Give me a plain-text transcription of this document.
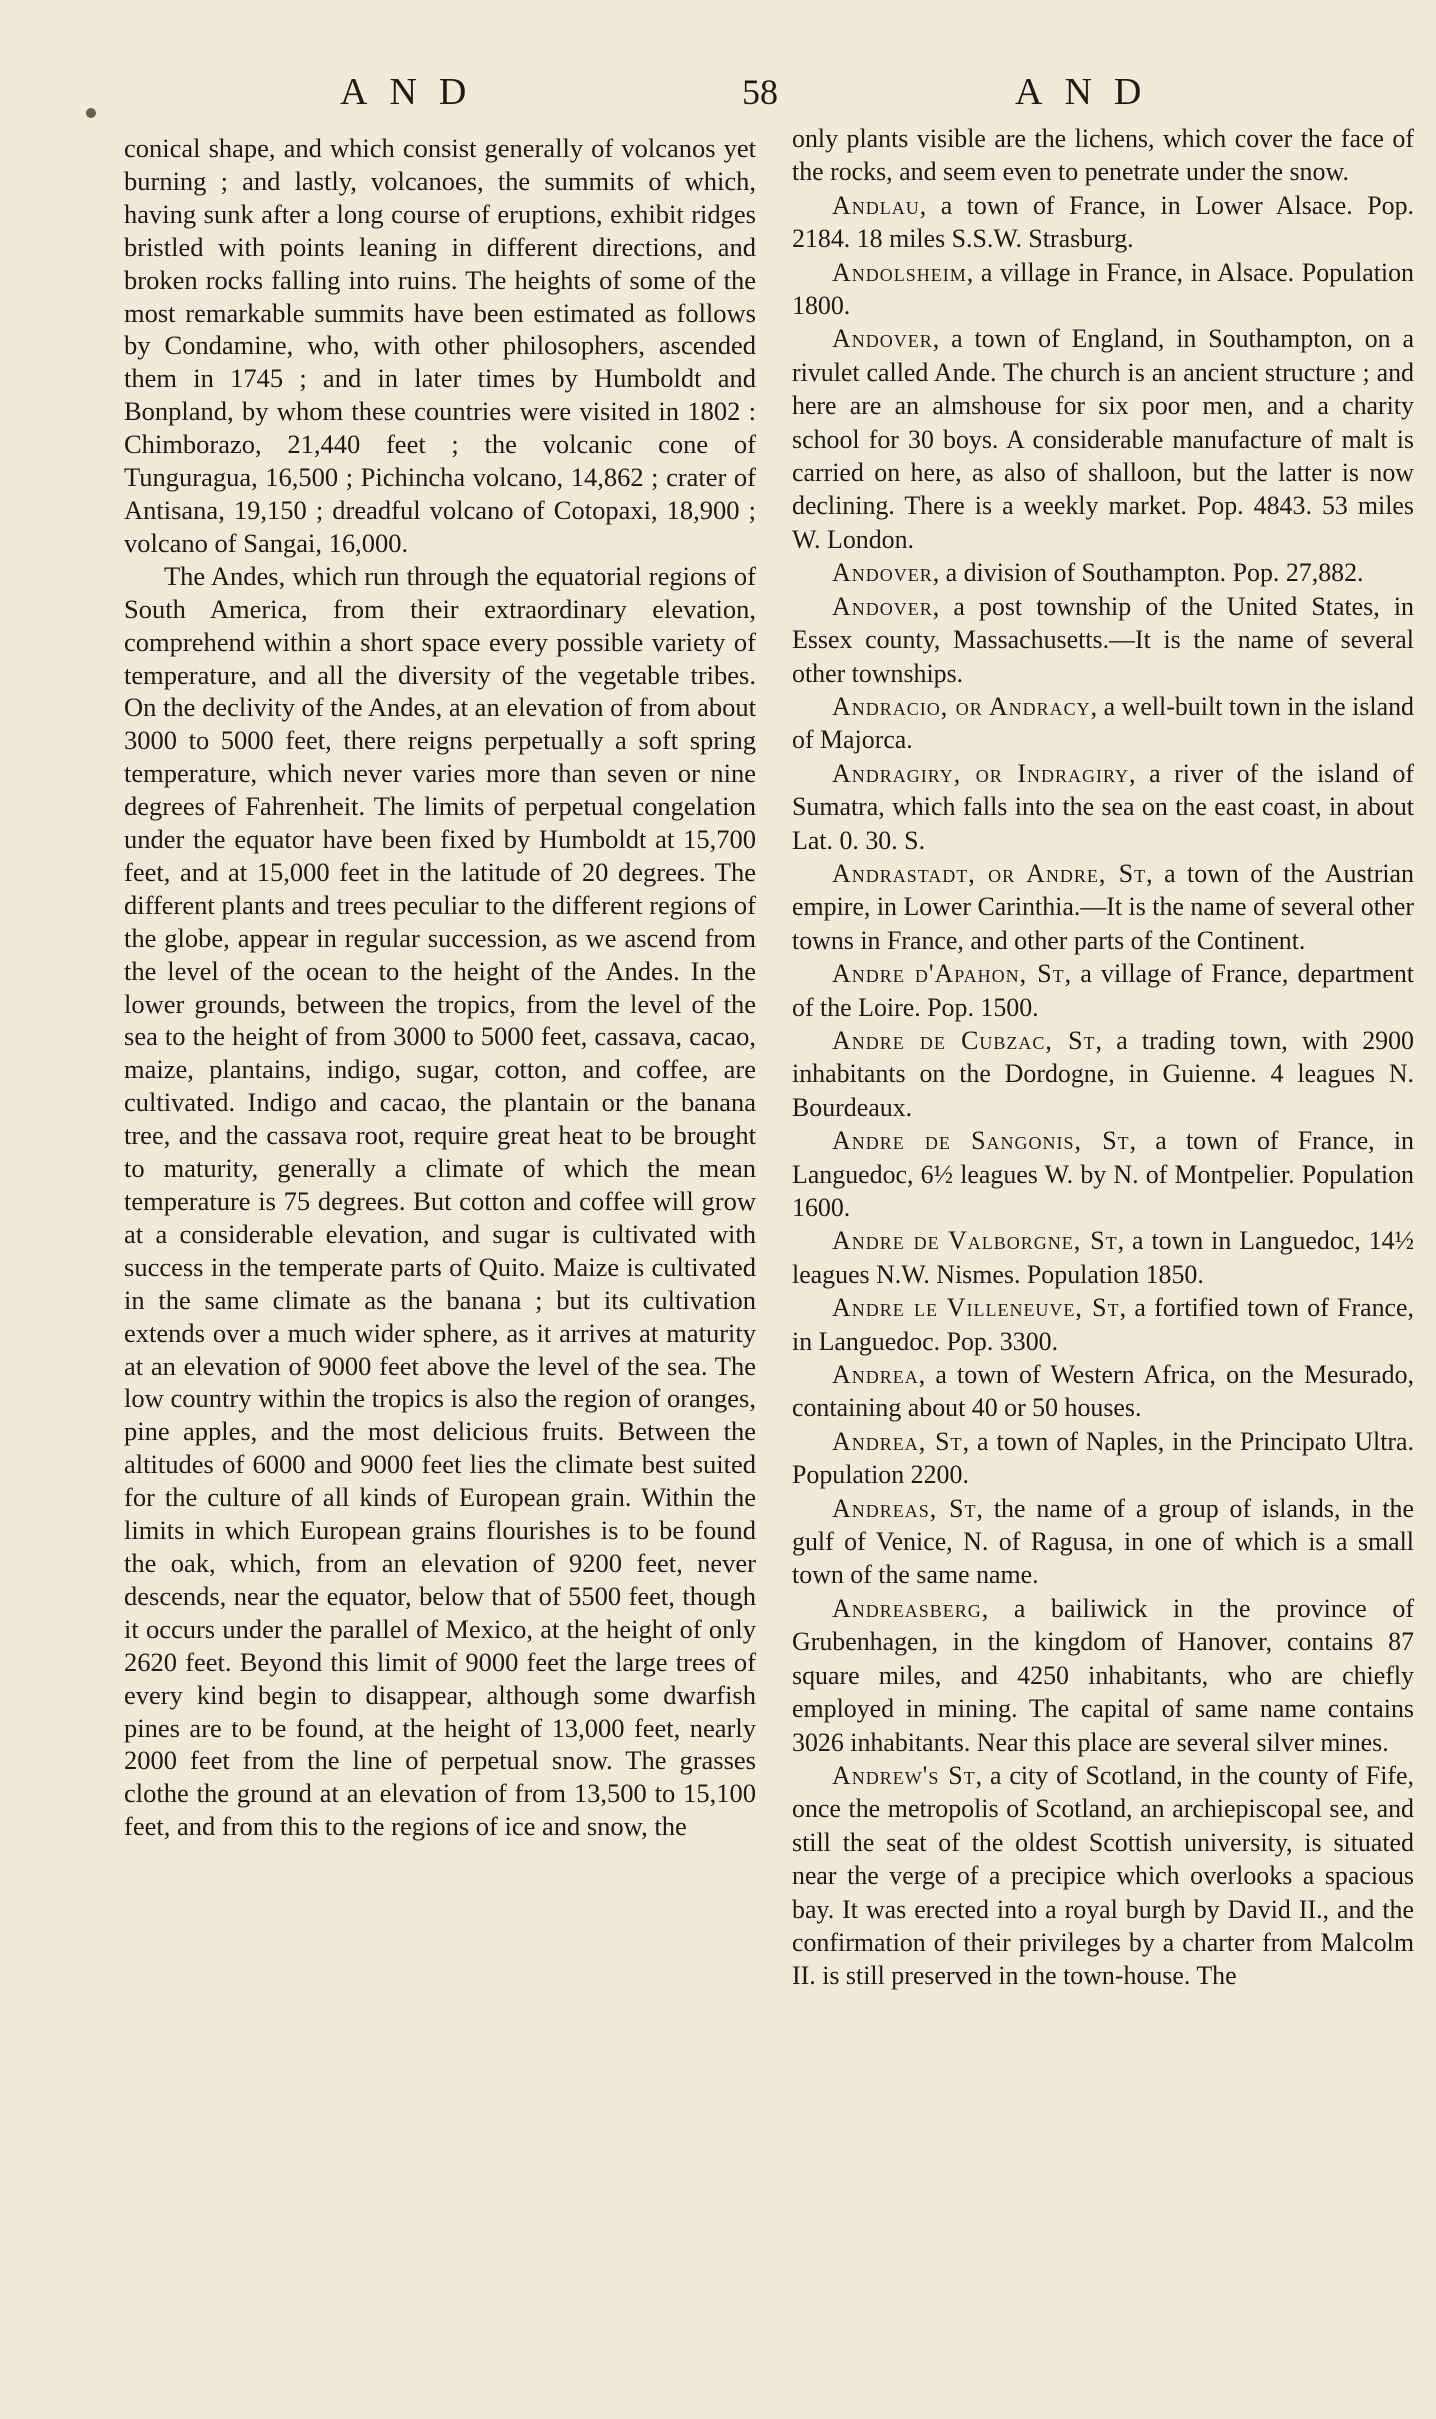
AND	58	AND

conical shape, and which consist generally of volcanos yet burning ; and lastly, volcanoes, the summits of which, having sunk after a long course of eruptions, exhibit ridges bristled with points leaning in different directions, and broken rocks falling into ruins. The heights of some of the most remarkable summits have been estimated as follows by Condamine, who, with other philosophers, ascended them in 1745 ; and in later times by Humboldt and Bonpland, by whom these countries were visited in 1802 : Chimborazo, 21,440 feet ; the volcanic cone of Tunguragua, 16,500 ; Pichincha volcano, 14,862 ; crater of Antisana, 19,150 ; dreadful volcano of Cotopaxi, 18,900 ; volcano of Sangai, 16,000.

The Andes, which run through the equatorial regions of South America, from their extraordinary elevation, comprehend within a short space every possible variety of temperature, and all the diversity of the vegetable tribes. On the declivity of the Andes, at an elevation of from about 3000 to 5000 feet, there reigns perpetually a soft spring temperature, which never varies more than seven or nine degrees of Fahrenheit. The limits of perpetual congelation under the equator have been fixed by Humboldt at 15,700 feet, and at 15,000 feet in the latitude of 20 degrees. The different plants and trees peculiar to the different regions of the globe, appear in regular succession, as we ascend from the level of the ocean to the height of the Andes. In the lower grounds, between the tropics, from the level of the sea to the height of from 3000 to 5000 feet, cassava, cacao, maize, plantains, indigo, sugar, cotton, and coffee, are cultivated. Indigo and cacao, the plantain or the banana tree, and the cassava root, require great heat to be brought to maturity, generally a climate of which the mean temperature is 75 degrees. But cotton and coffee will grow at a considerable elevation, and sugar is cultivated with success in the temperate parts of Quito. Maize is cultivated in the same climate as the banana ; but its cultivation extends over a much wider sphere, as it arrives at maturity at an elevation of 9000 feet above the level of the sea. The low country within the tropics is also the region of oranges, pine apples, and the most delicious fruits. Between the altitudes of 6000 and 9000 feet lies the climate best suited for the culture of all kinds of European grain. Within the limits in which European grains flourishes is to be found the oak, which, from an elevation of 9200 feet, never descends, near the equator, below that of 5500 feet, though it occurs under the parallel of Mexico, at the height of only 2620 feet. Beyond this limit of 9000 feet the large trees of every kind begin to disappear, although some dwarfish pines are to be found, at the height of 13,000 feet, nearly 2000 feet from the line of perpetual snow. The grasses clothe the ground at an elevation of from 13,500 to 15,100 feet, and from this to the regions of ice and snow, the

only plants visible are the lichens, which cover the face of the rocks, and seem even to penetrate under the snow.

Andlau, a town of France, in Lower Alsace. Pop. 2184. 18 miles S.S.W. Strasburg.

Andolsheim, a village in France, in Alsace. Population 1800.

Andover, a town of England, in Southampton, on a rivulet called Ande. The church is an ancient structure ; and here are an almshouse for six poor men, and a charity school for 30 boys. A considerable manufacture of malt is carried on here, as also of shalloon, but the latter is now declining. There is a weekly market. Pop. 4843. 53 miles W. London.

Andover, a division of Southampton. Pop. 27,882.

Andover, a post township of the United States, in Essex county, Massachusetts.—It is the name of several other townships.

Andracio, or Andracy, a well-built town in the island of Majorca.

Andragiry, or Indragiry, a river of the island of Sumatra, which falls into the sea on the east coast, in about Lat. 0. 30. S.

Andrastadt, or Andre, St, a town of the Austrian empire, in Lower Carinthia.—It is the name of several other towns in France, and other parts of the Continent.

Andre d'Apahon, St, a village of France, department of the Loire. Pop. 1500.

Andre de Cubzac, St, a trading town, with 2900 inhabitants on the Dordogne, in Guienne. 4 leagues N. Bourdeaux.

Andre de Sangonis, St, a town of France, in Languedoc, 6½ leagues W. by N. of Montpelier. Population 1600.

Andre de Valborgne, St, a town in Languedoc, 14½ leagues N.W. Nismes. Population 1850.

Andre le Villeneuve, St, a fortified town of France, in Languedoc. Pop. 3300.

Andrea, a town of Western Africa, on the Mesurado, containing about 40 or 50 houses.

Andrea, St, a town of Naples, in the Principato Ultra. Population 2200.

Andreas, St, the name of a group of islands, in the gulf of Venice, N. of Ragusa, in one of which is a small town of the same name.

Andreasberg, a bailiwick in the province of Grubenhagen, in the kingdom of Hanover, contains 87 square miles, and 4250 inhabitants, who are chiefly employed in mining. The capital of same name contains 3026 inhabitants. Near this place are several silver mines.

Andrew's St, a city of Scotland, in the county of Fife, once the metropolis of Scotland, an archiepiscopal see, and still the seat of the oldest Scottish university, is situated near the verge of a precipice which overlooks a spacious bay. It was erected into a royal burgh by David II., and the confirmation of their privileges by a charter from Malcolm II. is still preserved in the town-house. The
